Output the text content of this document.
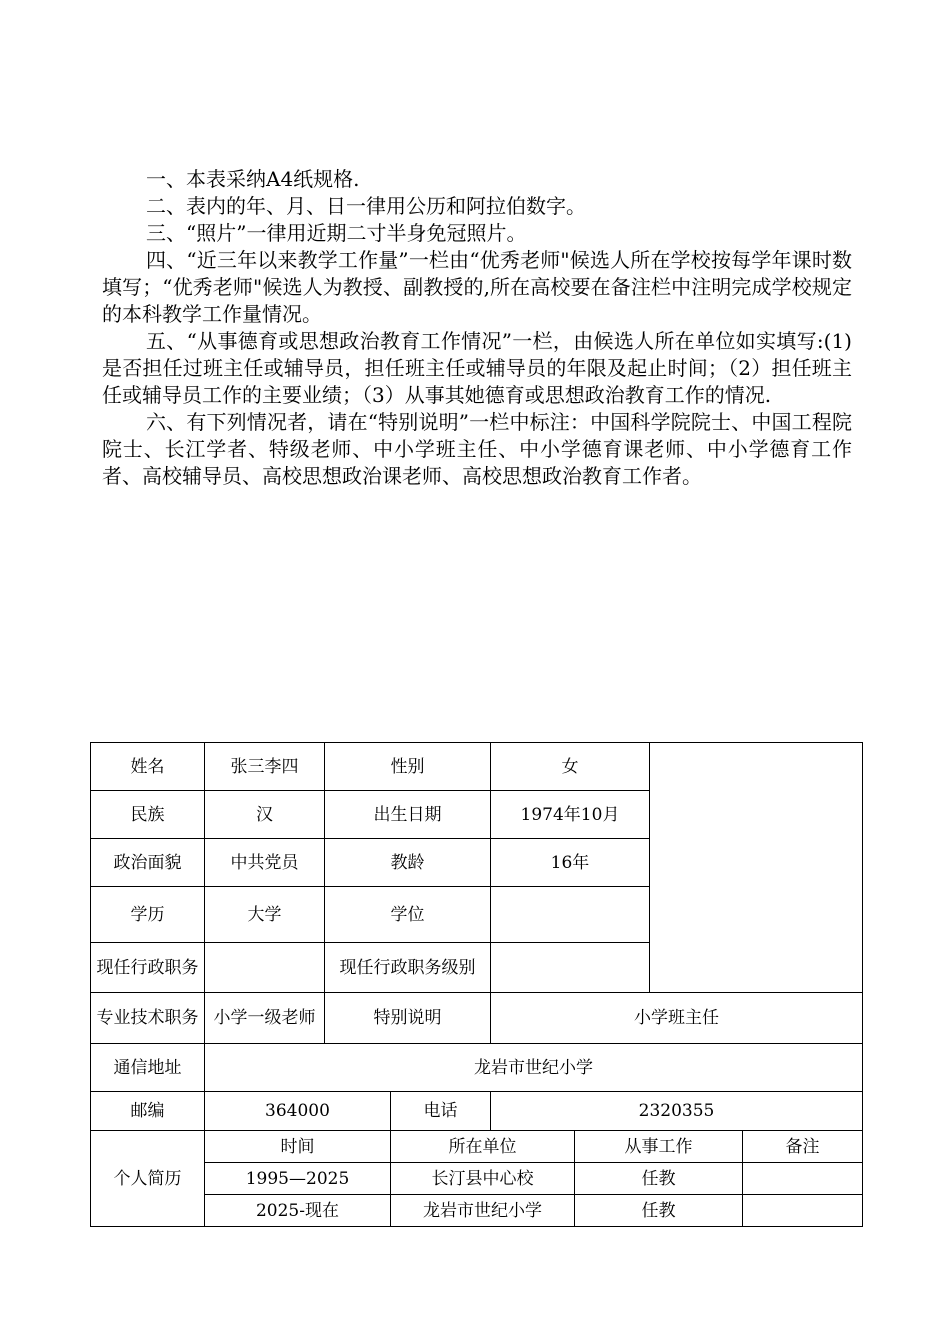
一、本表采纳A4纸规格.

二、表内的年、月、日一律用公历和阿拉伯数字。

三、“照片”一律用近期二寸半身免冠照片。

四、“近三年以来教学工作量”一栏由“优秀老师"候选人所在学校按每学年课时数填写；“优秀老师"候选人为教授、副教授的,所在高校要在备注栏中注明完成学校规定的本科教学工作量情况。

五、“从事德育或思想政治教育工作情况”一栏，由候选人所在单位如实填写:(1)是否担任过班主任或辅导员，担任班主任或辅导员的年限及起止时间；（2）担任班主任或辅导员工作的主要业绩；（3）从事其她德育或思想政治教育工作的情况.

六、有下列情况者，请在“特别说明”一栏中标注：中国科学院院士、中国工程院院士、长江学者、特级老师、中小学班主任、中小学德育课老师、中小学德育工作者、高校辅导员、高校思想政治课老师、高校思想政治教育工作者。

姓名	张三李四	性别		女			
民族	汉	出生日期		1974年10月			
政治面貌	中共党员	教龄		16年			
学历	大学	学位					
现任行政职务		现任行政职务级别					
专业技术职务	小学一级老师	特别说明		小学班主任			
通信地址	龙岩市世纪小学						
邮编	364000		电话	2320355			
个人简历	时间		所在单位		从事工作		备注
	1995—2025		长汀县中心校		任教		
	2025-现在		龙岩市世纪小学		任教		
